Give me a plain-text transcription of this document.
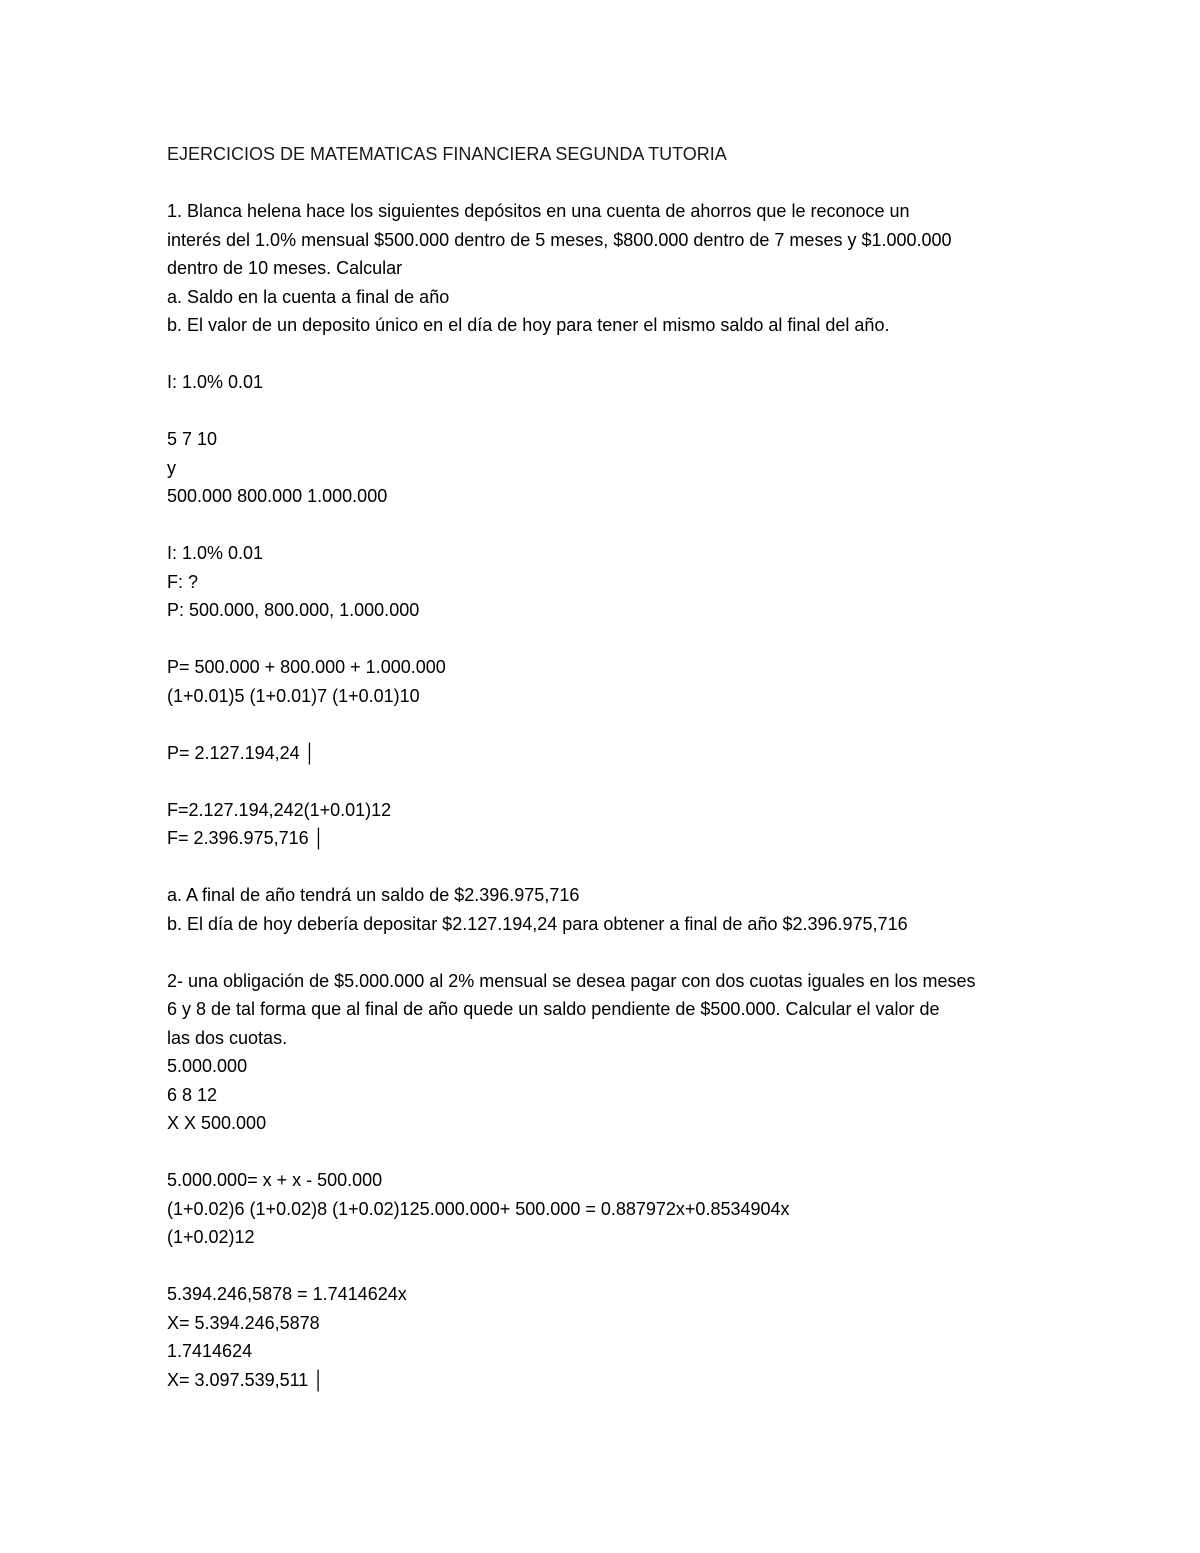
EJERCICIOS DE MATEMATICAS FINANCIERA SEGUNDA TUTORIA
1. Blanca helena hace los siguientes depósitos en una cuenta de ahorros que le reconoce un
interés del 1.0% mensual $500.000 dentro de 5 meses, $800.000 dentro de 7 meses y $1.000.000
dentro de 10 meses. Calcular
a. Saldo en la cuenta a final de año
b. El valor de un deposito único en el día de hoy para tener el mismo saldo al final del año.
I: 1.0% 0.01
5 7 10
y
500.000 800.000 1.000.000
I: 1.0% 0.01
F: ?
P: 500.000, 800.000, 1.000.000
P= 500.000 + 800.000 + 1.000.000
(1+0.01)5 (1+0.01)7 (1+0.01)10
P= 2.127.194,24 │
F=2.127.194,242(1+0.01)12
F= 2.396.975,716 │
a. A final de año tendrá un saldo de $2.396.975,716
b. El día de hoy debería depositar $2.127.194,24 para obtener a final de año $2.396.975,716
2- una obligación de $5.000.000 al 2% mensual se desea pagar con dos cuotas iguales en los meses
6 y 8 de tal forma que al final de año quede un saldo pendiente de $500.000. Calcular el valor de
las dos cuotas.
5.000.000
6 8 12
X X 500.000
5.000.000= x + x - 500.000
(1+0.02)6 (1+0.02)8 (1+0.02)125.000.000+ 500.000 = 0.887972x+0.8534904x
(1+0.02)12
5.394.246,5878 = 1.7414624x
X= 5.394.246,5878
1.7414624
X= 3.097.539,511 │
